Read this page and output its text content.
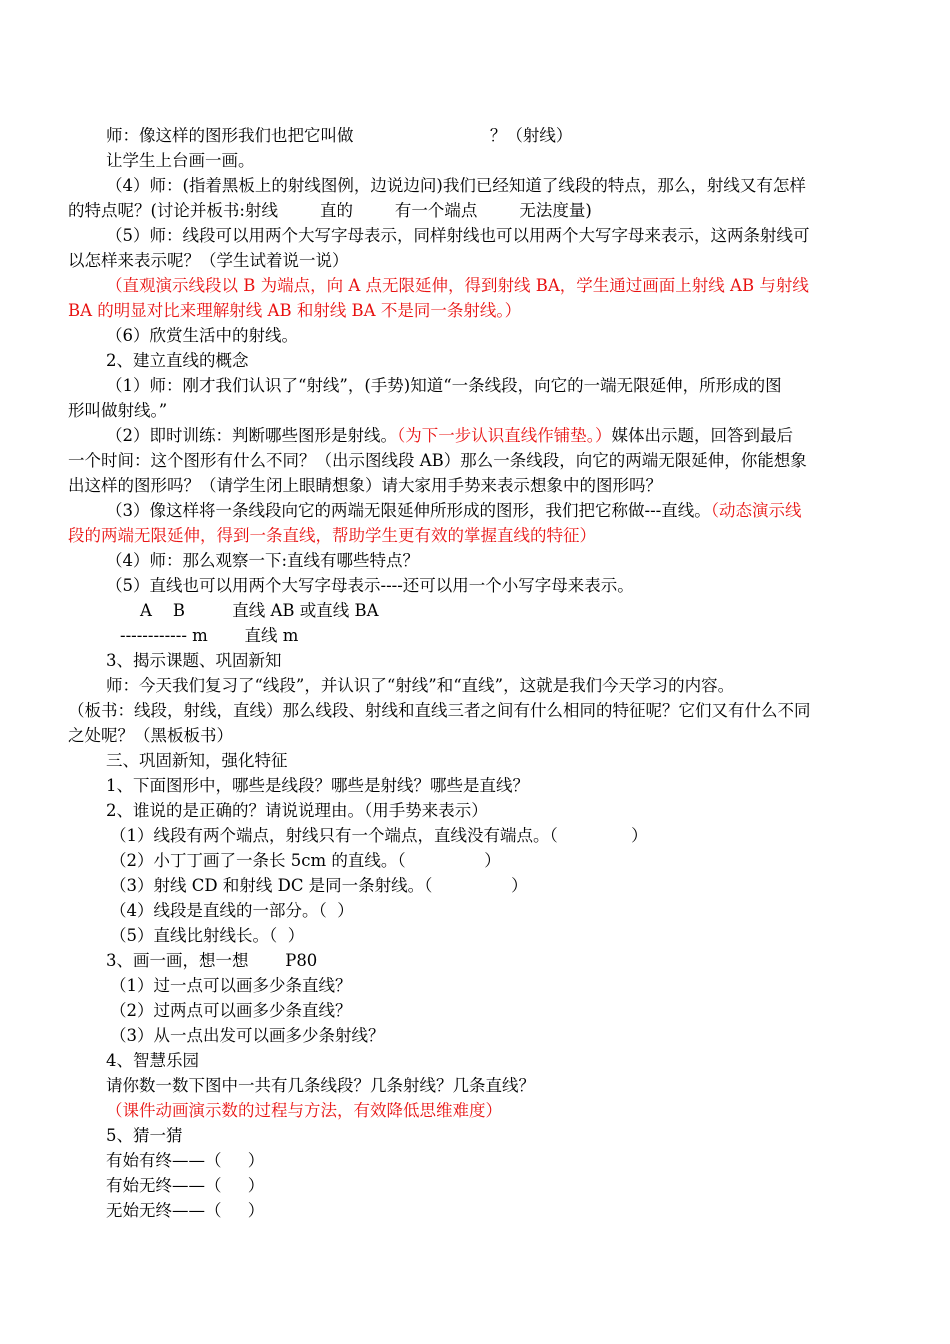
师：像这样的图形我们也把它叫做                          ？（射线）
让学生上台画一画。
（4）师：(指着黑板上的射线图例，边说边问)我们已经知道了线段的特点，那么，射线又有怎样
的特点呢？(讨论并板书:射线        直的        有一个端点        无法度量)
（5）师：线段可以用两个大写字母表示，同样射线也可以用两个大写字母来表示，这两条射线可
以怎样来表示呢？（学生试着说一说）
（直观演示线段以 B 为端点，向 A 点无限延伸，得到射线 BA，学生通过画面上射线 AB 与射线
BA 的明显对比来理解射线 AB 和射线 BA 不是同一条射线。）
（6）欣赏生活中的射线。
2、建立直线的概念
（1）师：刚才我们认识了“射线”，(手势)知道“一条线段，向它的一端无限延伸，所形成的图
形叫做射线。”
（2）即时训练：判断哪些图形是射线。（为下一步认识直线作铺垫。）媒体出示题，回答到最后
一个时间：这个图形有什么不同？（出示图线段 AB）那么一条线段，向它的两端无限延伸，你能想象
出这样的图形吗？（请学生闭上眼睛想象）请大家用手势来表示想象中的图形吗？
（3）像这样将一条线段向它的两端无限延伸所形成的图形，我们把它称做---直线。（动态演示线
段的两端无限延伸，得到一条直线，帮助学生更有效的掌握直线的特征）
（4）师：那么观察一下:直线有哪些特点？
（5）直线也可以用两个大写字母表示----还可以用一个小写字母来表示。
A    B         直线 AB 或直线 BA
------------ m       直线 m
3、揭示课题、巩固新知
师：今天我们复习了“线段”，并认识了“射线”和“直线”，这就是我们今天学习的内容。
（板书：线段，射线，直线）那么线段、射线和直线三者之间有什么相同的特征呢？它们又有什么不同
之处呢？（黑板板书）
三、巩固新知，强化特征
1、下面图形中，哪些是线段？哪些是射线？哪些是直线？
2、谁说的是正确的？请说说理由。（用手势来表示）
（1）线段有两个端点，射线只有一个端点，直线没有端点。（              ）
（2）小丁丁画了一条长 5cm 的直线。（               ）
（3）射线 CD 和射线 DC 是同一条射线。（               ）
（4）线段是直线的一部分。（  ）
（5）直线比射线长。（  ）
3、画一画，想一想       P80
（1）过一点可以画多少条直线？
（2）过两点可以画多少条直线？
（3）从一点出发可以画多少条射线？
4、智慧乐园
请你数一数下图中一共有几条线段？几条射线？几条直线？
（课件动画演示数的过程与方法，有效降低思维难度）
5、猜一猜
有始有终——（     ）
有始无终——（     ）
无始无终——（     ）
